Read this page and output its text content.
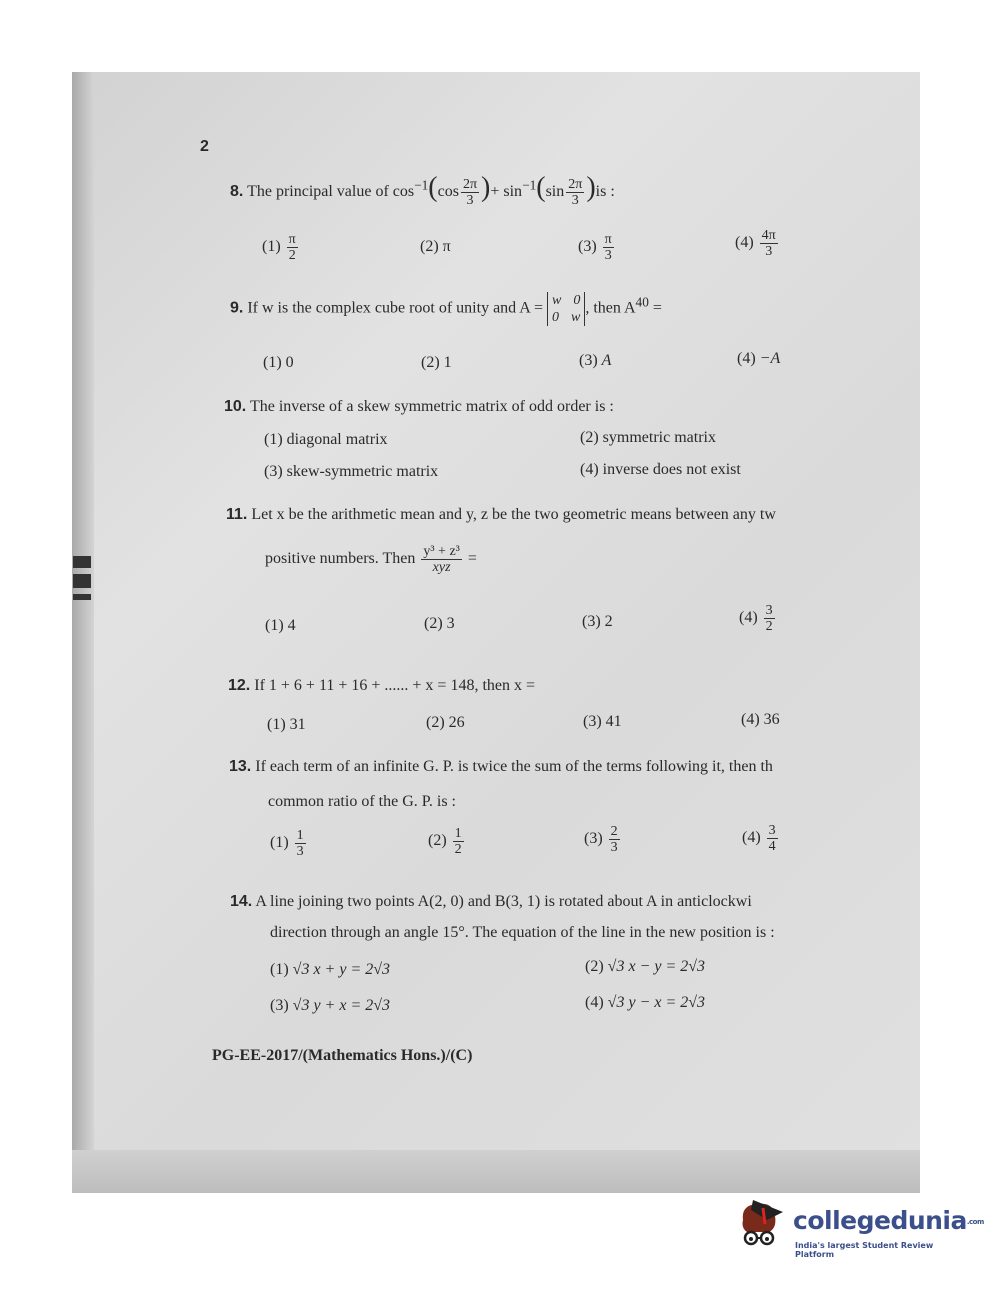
2
8. The principal value of $\cos^{-1}(\cos \frac{2\pi}{3}$ )+ $\sin^{-1}(\sin \frac{2\pi}{3} )is$ :
$(1) \frac{\pi}{2}$	(2) π	$(3) \frac{\pi}{3}$	$(4) \frac{4\pi}{3}$
9. If w is the complex cube root of unity and A = w 0
0 w
, then $A^{40}$ =
(1) 0	(2) 1	(3) A	(4) −A
10. The inverse of a skew symmetric matrix of odd order is :
(1) diagonal matrix	(2) symmetric matrix
(3) skew-symmetric matrix	(4) inverse does not exist
11. Let x be the arithmetic mean and y, z be the two geometric means between any tw
positive numbers. Then y³ + z³
xyz
=
(1) 4	(2) 3	(3) 2	$(4) \frac{3}{2}$
12. If 1 + 6 + 11 + 16 + ...... + x = 148, then x =
(1) 31	(2) 26	(3) 41	(4) 36
13. If each term of an infinite G. P. is twice the sum of the terms following it, then th
common ratio of the G. P. is :
$(1) \frac{1}{3}$	$(2) \frac{1}{2}$	$(3) \frac{2}{3}$	$(4) \frac{3}{4}$
14. A line joining two points A(2, 0) and B(3, 1) is rotated about A in anticlockwi
direction through an angle 15°. The equation of the line in the new position is :
(1) √3 x + y = 2√3	(2) √3 x − y = 2√3
(3) √3 y + x = 2√3	(4) √3 y − x = 2√3
PG-EE-2017/(Mathematics Hons.)/(C)
collegedunia.com
India's largest Student Review Platform
